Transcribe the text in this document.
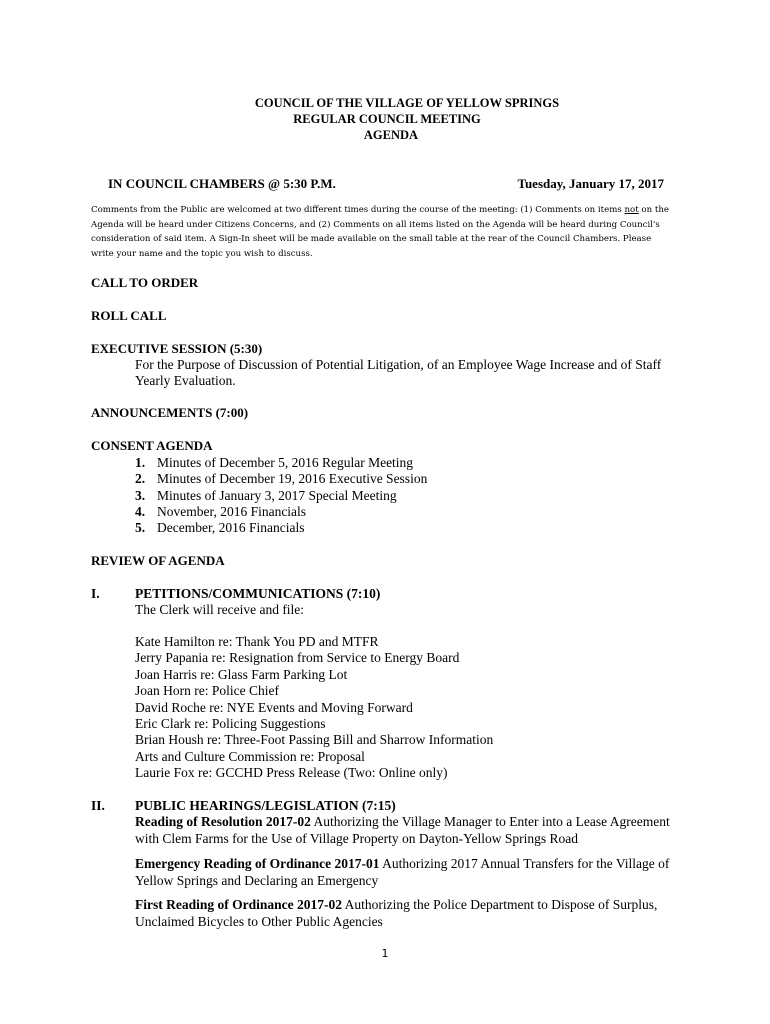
COUNCIL OF THE VILLAGE OF YELLOW SPRINGS
REGULAR COUNCIL MEETING
AGENDA
IN COUNCIL CHAMBERS @ 5:30 P.M.	Tuesday, January 17, 2017
Comments from the Public are welcomed at two different times during the course of the meeting: (1) Comments on items not on the Agenda will be heard under Citizens Concerns, and (2) Comments on all items listed on the Agenda will be heard during Council's consideration of said item. A Sign-In sheet will be made available on the small table at the rear of the Council Chambers. Please write your name and the topic you wish to discuss.
CALL TO ORDER
ROLL CALL
EXECUTIVE SESSION (5:30)
For the Purpose of Discussion of Potential Litigation, of an Employee Wage Increase and of Staff Yearly Evaluation.
ANNOUNCEMENTS (7:00)
CONSENT AGENDA
1. Minutes of December 5, 2016 Regular Meeting
2. Minutes of December 19, 2016 Executive Session
3. Minutes of January 3, 2017 Special Meeting
4. November, 2016 Financials
5. December, 2016 Financials
REVIEW OF AGENDA
I.	PETITIONS/COMMUNICATIONS (7:10)
The Clerk will receive and file:
Kate Hamilton re: Thank You PD and MTFR
Jerry Papania re: Resignation from Service to Energy Board
Joan Harris re: Glass Farm Parking Lot
Joan Horn re: Police Chief
David Roche re: NYE Events and Moving Forward
Eric Clark re: Policing Suggestions
Brian Housh re: Three-Foot Passing Bill and Sharrow Information
Arts and Culture Commission re: Proposal
Laurie Fox re: GCCHD Press Release (Two: Online only)
II. PUBLIC HEARINGS/LEGISLATION (7:15)
Reading of Resolution 2017-02 Authorizing the Village Manager to Enter into a Lease Agreement with Clem Farms for the Use of Village Property on Dayton-Yellow Springs Road
Emergency Reading of Ordinance 2017-01 Authorizing 2017 Annual Transfers for the Village of Yellow Springs and Declaring an Emergency
First Reading of Ordinance 2017-02 Authorizing the Police Department to Dispose of Surplus, Unclaimed Bicycles to Other Public Agencies
1
